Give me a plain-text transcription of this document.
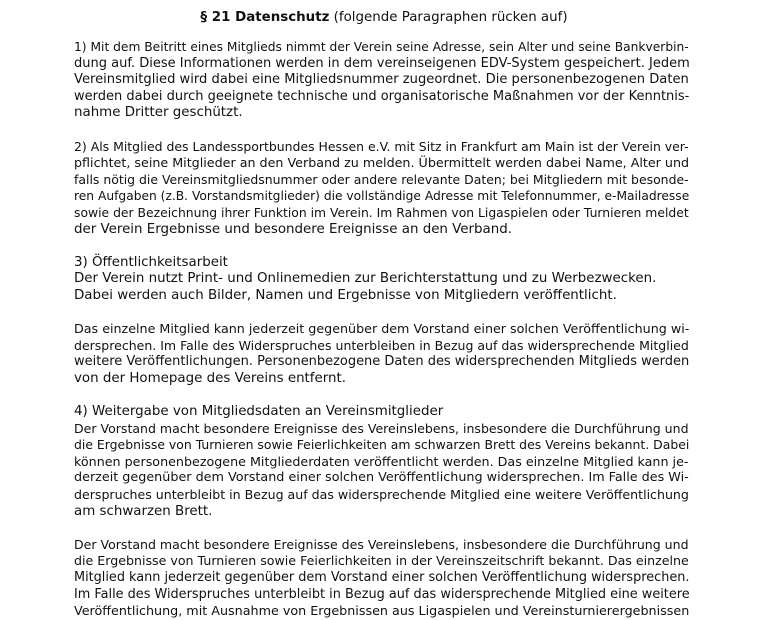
§ 21 Datenschutz (folgende Paragraphen rücken auf)
1) Mit dem Beitritt eines Mitglieds nimmt der Verein seine Adresse, sein Alter und seine Bankverbin-
dung auf. Diese Informationen werden in dem vereinseigenen EDV-System gespeichert. Jedem
Vereinsmitglied wird dabei eine Mitgliedsnummer zugeordnet. Die personenbezogenen Daten
werden dabei durch geeignete technische und organisatorische Maßnahmen vor der Kenntnis-
nahme Dritter geschützt.
2) Als Mitglied des Landessportbundes Hessen e.V. mit Sitz in Frankfurt am Main ist der Verein ver-
pflichtet, seine Mitglieder an den Verband zu melden. Übermittelt werden dabei Name, Alter und
falls nötig die Vereinsmitgliedsnummer oder andere relevante Daten; bei Mitgliedern mit besonde-
ren Aufgaben (z.B. Vorstandsmitglieder) die vollständige Adresse mit Telefonnummer, e-Mailadresse
sowie der Bezeichnung ihrer Funktion im Verein. Im Rahmen von Ligaspielen oder Turnieren meldet
der Verein Ergebnisse und besondere Ereignisse an den Verband.
3) Öffentlichkeitsarbeit
Der Verein nutzt Print- und Onlinemedien zur Berichterstattung und zu Werbezwecken.
Dabei werden auch Bilder, Namen und Ergebnisse von Mitgliedern veröffentlicht.
Das einzelne Mitglied kann jederzeit gegenüber dem Vorstand einer solchen Veröffentlichung wi-
dersprechen. Im Falle des Widerspruches unterbleiben in Bezug auf das widersprechende Mitglied
weitere Veröffentlichungen. Personenbezogene Daten des widersprechenden Mitglieds werden
von der Homepage des Vereins entfernt.
4) Weitergabe von Mitgliedsdaten an Vereinsmitglieder
Der Vorstand macht besondere Ereignisse des Vereinslebens, insbesondere die Durchführung und
die Ergebnisse von Turnieren sowie Feierlichkeiten am schwarzen Brett des Vereins bekannt. Dabei
können personenbezogene Mitgliederdaten veröffentlicht werden. Das einzelne Mitglied kann je-
derzeit gegenüber dem Vorstand einer solchen Veröffentlichung widersprechen. Im Falle des Wi-
derspruches unterbleibt in Bezug auf das widersprechende Mitglied eine weitere Veröffentlichung
am schwarzen Brett.
Der Vorstand macht besondere Ereignisse des Vereinslebens, insbesondere die Durchführung und
die Ergebnisse von Turnieren sowie Feierlichkeiten in der Vereinszeitschrift bekannt. Das einzelne
Mitglied kann jederzeit gegenüber dem Vorstand einer solchen Veröffentlichung widersprechen.
Im Falle des Widerspruches unterbleibt in Bezug auf das widersprechende Mitglied eine weitere
Veröffentlichung, mit Ausnahme von Ergebnissen aus Ligaspielen und Vereinsturnierergebnissen
